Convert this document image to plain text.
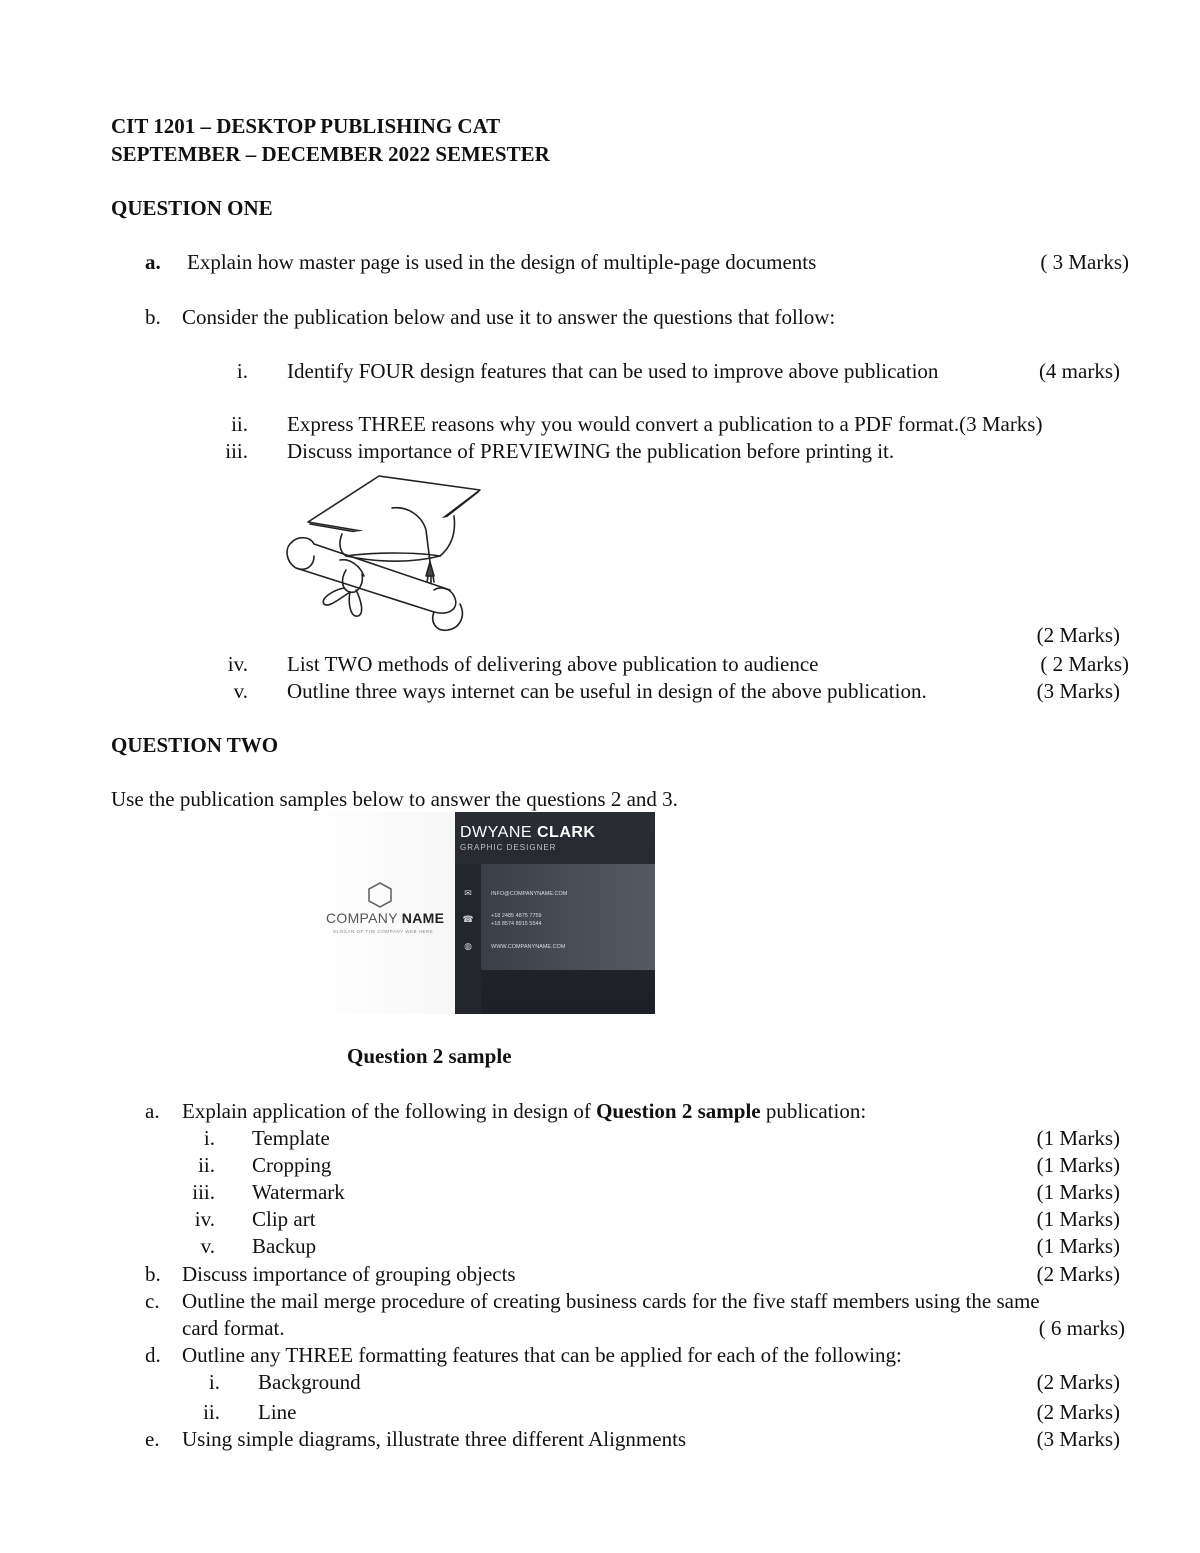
CIT 1201 – DESKTOP PUBLISHING CAT
SEPTEMBER – DECEMBER 2022 SEMESTER
QUESTION ONE
a. Explain how master page is used in the design of multiple-page documents	( 3 Marks)
b. Consider the publication below and use it to answer the questions that follow:
i. Identify FOUR design features that can be used to improve above publication	(4 marks)
ii. Express THREE reasons why you would convert a publication to a PDF format.(3 Marks)
iii. Discuss importance of PREVIEWING the publication before printing it.
(2 Marks)
iv. List TWO methods of delivering above publication to audience	( 2 Marks)
v. Outline three ways internet can be useful in design of the above publication.	(3 Marks)
QUESTION TWO
Use the publication samples below to answer the questions 2 and 3.
COMPANY NAME
SLOGAN OF THE COMPANY WEB HERE
DWYANE CLARK
GRAPHIC DESIGNER
✉
☎
◍
INFO@COMPANYNAME.COM
+18 2485 4875 7759
+18 8574 8915 5544
WWW.COMPANYNAME.COM
Question 2 sample
a. Explain application of the following in design of Question 2 sample publication:
i. Template	(1 Marks)
ii. Cropping	(1 Marks)
iii. Watermark	(1 Marks)
iv. Clip art	(1 Marks)
v. Backup	(1 Marks)
b. Discuss importance of grouping objects	(2 Marks)
c. Outline the mail merge procedure of creating business cards for the five staff members using the same
card format.	( 6 marks)
d. Outline any THREE formatting features that can be applied for each of the following:
i. Background	(2 Marks)
ii. Line	(2 Marks)
e. Using simple diagrams, illustrate three different Alignments	(3 Marks)
